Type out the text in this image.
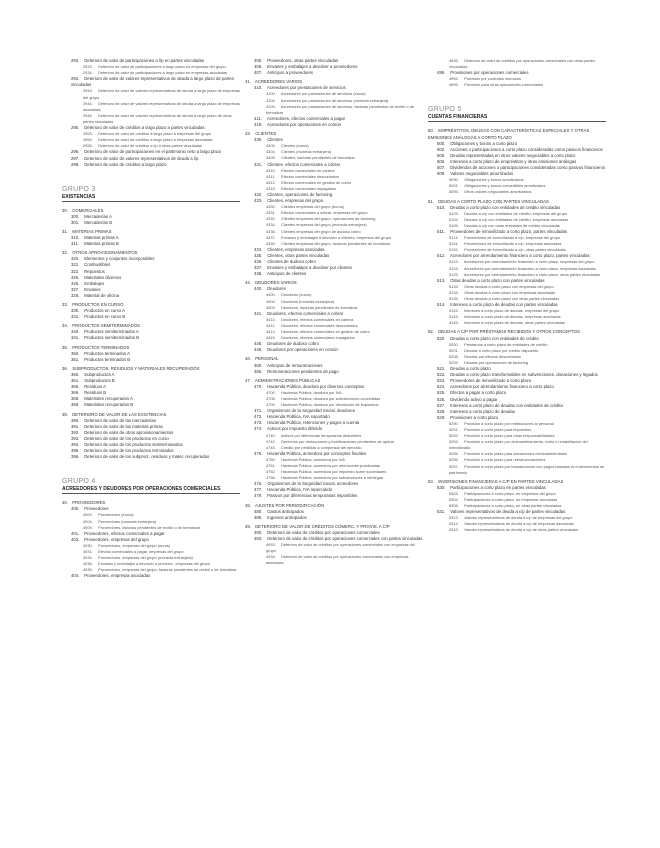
293. Deterioro de valor de participaciones a l/p en partes vinculadas
2933. Deterioro de valor de participaciones a largo plazo en empresas del grupo
2934. Deterioro de valor de participaciones a largo plazo en empresas asociadas
294. Deterioro de valor de valores representativos de deuda a largo plazo de partes vinculadas
2943. Deterioro de valor de valores representativos de deuda a largo plazo de empresas del grupo
2944. Deterioro de valor de valores representativos de deuda a largo plazo de empresas asociadas
2945. Deterioro de valor de valores representativos de deuda a largo plazo de otras partes vinculadas
295. Deterioro de valor de créditos a largo plazo a partes vinculadas
2953. Deterioro de valor de créditos a largo plazo a empresas del grupo
2954. Deterioro de valor de créditos a largo plazo a empresas asociadas
2955. Deterioro de valor de créditos a l/p a otras partes vinculadas
296. Deterioro de valor de participaciones en el patrimonio neto a largo plazo
297. Deterioro de valor de valores representativos de deuda a l/p
298. Deterioro de valor de créditos a largo plazo
GRUPO 3
EXISTENCIAS
30. COMERCIALES
300. Mercaderías A
301. Mercaderías B
31. MATERIAS PRIMAS
310. Materias primas A
311. Materias primas B
32. OTROS APROVISIONAMIENTOS
320. Elementos y conjuntos incorporables
321. Combustibles
322. Repuestos
325. Materiales diversos
326. Embalajes
327. Envases
328. Material de oficina
33. PRODUCTOS EN CURSO
330. Productos en curso A
331. Productos en curso B
34. PRODUCTOS SEMITERMINADOS
340. Productos semiterminados A
341. Productos semiterminados B
35. PRODUCTOS TERMINADOS
350. Productos terminados A
351. Productos terminados B
36. SUBPRODUCTOS, RESIDUOS Y MATERIALES RECUPERADOS
360. Subproductos A
361. Subproductos B
365. Residuos A
366. Residuos B
368. Materiales recuperados A
369. Materiales recuperados B
39. DETERIORO DE VALOR DE LAS EXISTENCIAS
390. Deterioro de valor de las mercaderías
391. Deterioro de valor de las materias primas
392. Deterioro de valor de otros aprovisionamientos
393. Deterioro de valor de los productos en curso
394. Deterioro de valor de los productos semiterminados
395. Deterioro de valor de los productos terminados
396. Deterioro de valor de los subprod., residuos y mater. recuperados
GRUPO 4
ACREEDORES Y DEUDORES POR OPERACIONES COMERCIALES
40. PROVEEDORES
400. Proveedores
4000. Proveedores (euros)
4004. Proveedores (moneda extranjera)
4009. Proveedores, facturas pendientes de recibir o de formalizar
401. Proveedores, efectos comerciales a pagar
403. Proveedores, empresas del grupo
4030. Proveedores, empresas del grupo (euros)
4031. Efectos comerciales a pagar, empresas del grupo
4034. Proveedores, empresas del grupo (moneda extranjera)
4036. Envases y embalajes a devolver a proveed., empresas del grupo
4039. Proveedores, empresas del grupo, facturas pendientes de recibir o de formalizar
404. Proveedores, empresas asociadas
405. Proveedores, otras partes vinculadas
406. Envases y embalajes a devolver a proveedores
407. Anticipos a proveedores
41. ACREEDORES VARIOS
410. Acreedores por prestaciones de servicios
4100. Acreedores por prestaciones de servicios (euros)
4104. Acreedores por prestaciones de servicios (moneda extranjera)
4109. Acreedores por prestaciones de servicios, facturas pendientes de recibir o de formalizar
411. Acreedores, efectos comerciales a pagar
419. Acreedores por operaciones en común
43. CLIENTES
430. Clientes
4300. Clientes (euros)
4304. Clientes (moneda extranjera)
4309. Clientes, facturas pendientes de formalizar
431. Clientes, efectos comerciales a cobrar
4310. Efectos comerciales en cartera
4311. Efectos comerciales descontados
4312. Efectos comerciales en gestión de cobro
4315. Efectos comerciales impagados
432. Clientes, operaciones de factoring
433. Clientes, empresas del grupo
4330. Clientes empresas del grupo (euros)
4331. Efectos comerciales a cobrar, empresas del grupo
4332. Clientes empresas del grupo, operaciones de factoring
4334. Clientes empresas del grupo (moneda extranjera)
4336. Clientes empresas del grupo de dudoso cobro
4337. Envases y embalajes a devolver a clientes, empresas del grupo
4339. Clientes empresas del grupo, facturas pendientes de formalizar
434. Clientes, empresas asociadas
435. Clientes, otras partes vinculadas
436. Clientes de dudoso cobro
437. Envases y embalajes a devolver por clientes
438. Anticipos de clientes
44. DEUDORES VARIOS
440. Deudores
4400. Deudores (euros)
4404. Deudores (moneda extranjera)
4409. Deudores, facturas pendientes de formalizar
441. Deudores, efectos comerciales a cobrar
4410. Deudores, efectos comerciales en cartera
4411. Deudores, efectos comerciales descontados
4412. Deudores, efectos comerciales en gestión de cobro
4415. Deudores, efectos comerciales impagados
446. Deudores de dudoso cobro
449. Deudores por operaciones en común
46. PERSONAL
460. Anticipos de remuneraciones
465. Remuneraciones pendientes de pago
47. ADMINISTRACIONES PÚBLICAS
470. Hacienda Pública, deudora por diversos conceptos
4700. Hacienda Pública, deudora por IVA
4708. Hacienda Pública, deudora por subvenciones concedidas
4709. Hacienda Pública, deudora por devolución de impuestos
471. Organismos de la Seguridad Social, deudores
472. Hacienda Pública, IVA soportado
473. Hacienda Pública, retenciones y pagos a cuenta
474. Activos por impuesto diferido
4740. Activos por diferencias temporarias deducibles
4742. Derechos por deducciones y bonificaciones pendientes de aplicar
4745. Crédito por pérdidas a compensar del ejercicio
475. Hacienda Pública, acreedora por conceptos fiscales
4750. Hacienda Pública, acreedora por IVA
4751. Hacienda Pública, acreedora por retenciones practicadas
4752. Hacienda Pública, acreedora por impuesto sobre sociedades
4758. Hacienda Pública, acreedora por subvenciones a reintegrar
476. Organismos de la Seguridad Social, acreedores
477. Hacienda Pública, IVA repercutido
479. Pasivos por diferencias temporarias imponibles
48. AJUSTES POR PERIODIFICACIÓN
480. Gastos anticipados
485. Ingresos anticipados
49. DETERIORO DE VALOR DE CRÉDITOS COMERC. Y PROVIS. A C/P
490. Deterioro de valor de créditos por operaciones comerciales
493. Deterioro de valor de créditos por operaciones comerciales con partes vinculadas
4933. Deterioro de valor de créditos por operaciones comerciales con empresas del grupo
4934. Deterioro de valor de créditos por operaciones comerciales con empresas asociadas
4935. Deterioro de valor de créditos por operaciones comerciales con otras partes vinculadas
499. Provisiones por operaciones comerciales
4994. Provisión por contratos onerosos
4999. Provisión para otras operaciones comerciales
GRUPO 5
CUENTAS FINANCIERAS
50. EMPRÉSTITOS, DEUDAS CON CARACTERÍSTICAS ESPECIALES Y OTRAS EMISIONES ANÁLOGAS A CORTO PLAZO
500. Obligaciones y bonos a corto plazo
502. Acciones o participaciones a corto plazo consideradas como pasivos financieros
505. Deudas representadas en otros valores negociables a corto plazo
506. Intereses a corto plazo de empréstitos y otras emisiones análogas
507. Dividendos de acciones o participaciones consideradas como pasivos financieros
509. Valores negociables amortizados
5090. Obligaciones y bonos amortizados
5091. Obligaciones y bonos convertibles amortizados
5095. Otros valores negociables amortizados
51. DEUDAS A CORTO PLAZO CON PARTES VINCULADAS
510. Deudas a corto plazo con entidades de crédito vinculadas
5103. Deudas a c/p con entidades de crédito, empresas del grupo
5104. Deudas a c/p con entidades de crédito, empresas asociadas
5105. Deudas a c/p con otras entidades de crédito vinculadas
511. Proveedores de inmovilizado a corto plazo, partes vinculadas
5113. Proveedores de inmovilizado a c/p, empresas del grupo
5114. Proveedores de inmovilizado a c/p, empresas asociadas
5115. Proveedores de inmovilizado a c/p, otras partes vinculadas
512. Acreedores por arrendamiento financiero a corto plazo, partes vinculadas
5123. Acreedores por arrendamiento financiero a corto plazo, empresas del grupo
5124. Acreedores por arrendamiento financiero a corto plazo, empresas asociadas
5125. Acreedores por arrendamiento financiero a corto plazo, otras partes vinculadas
513. Otras deudas a corto plazo con partes vinculadas
5133. Otras deudas a corto plazo con empresas del grupo
5134. Otras deudas a corto plazo con empresas asociadas
5135. Otras deudas a corto plazo con otras partes vinculadas
514. Intereses a corto plazo de deudas con partes vinculadas
5143. Intereses a corto plazo de deudas, empresas del grupo
5144. Intereses a corto plazo de deudas, empresas asociadas
5145. Intereses a corto plazo de deudas, otras partes vinculadas
52. DEUDAS A C/P POR PRÉSTAMOS RECIBIDOS Y OTROS CONCEPTOS
520. Deudas a corto plazo con entidades de crédito
5200. Préstamos a corto plazo de entidades de crédito
5201. Deudas a corto plazo por crédito dispuesto
5208. Deudas por efectos descontados
5209. Deudas por operaciones de factoring
521. Deudas a corto plazo
522. Deudas a corto plazo transformables en subvenciones, donaciones y legados
523. Proveedores de inmovilizado a corto plazo
524. Acreedores por arrendamiento financiero a corto plazo
525. Efectos a pagar a corto plazo
526. Dividendo activo a pagar
527. Intereses a corto plazo de deudas con entidades de crédito
528. Intereses a corto plazo de deudas
529. Provisiones a corto plazo
5290. Provisión a corto plazo por retribuciones al personal
5291. Provisión a corto plazo para impuestos
5292. Provisión a corto plazo para otras responsabilidades
5293. Provisión a corto plazo por desmantelamiento, retiro o rehabilitación del inmovilizado
5295. Provisión a corto plazo para actuaciones medioambientales
5296. Provisión a corto plazo para reestructuraciones
5297. Provisión a corto plazo por transacciones con pagos basados en instrumentos de patrimonio
53. INVERSIONES FINANCIERAS A C/P EN PARTES VINCULADAS
530. Participaciones a corto plazo en partes vinculadas
5303. Participaciones a corto plazo, en empresas del grupo
5304. Participaciones a corto plazo, en empresas asociadas
5305. Participaciones a corto plazo, en otras partes vinculadas
531. Valores representativos de deuda a c/p de partes vinculadas
5313. Valores representativos de deuda a c/p de empresas del grupo
5314. Valores representativos de deuda a c/p de empresas asociadas
5315. Valores representativos de deuda a c/p de otras partes vinculadas
